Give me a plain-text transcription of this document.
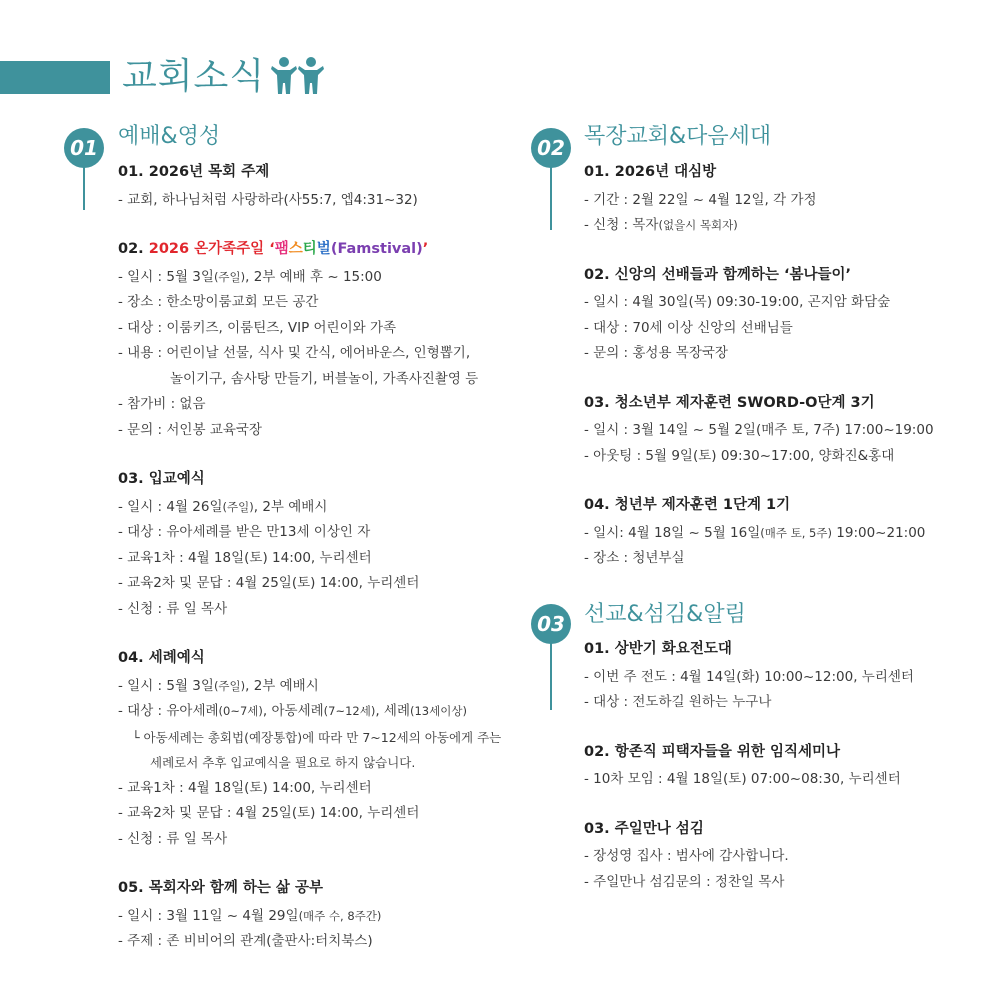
교회소식
01 예배&영성
01. 2026년 목회 주제
- 교회, 하나님처럼 사랑하라(사55:7, 엡4:31~32)
02. 2026 온가족주일 ‘팸스티벌(Famstival)’
- 일시 : 5월 3일(주일), 2부 예배 후 ~ 15:00
- 장소 : 한소망이룸교회 모든 공간
- 대상 : 이룸키즈, 이룸틴즈, VIP 어린이와 가족
- 내용 : 어린이날 선물, 식사 및 간식, 에어바운스, 인형뽑기,
놀이기구, 솜사탕 만들기, 버블놀이, 가족사진촬영 등
- 참가비 : 없음
- 문의 : 서인봉 교육국장
03. 입교예식
- 일시 : 4월 26일(주일), 2부 예배시
- 대상 : 유아세례를 받은 만13세 이상인 자
- 교육1차 : 4월 18일(토) 14:00, 누리센터
- 교육2차 및 문답 : 4월 25일(토) 14:00, 누리센터
- 신청 : 류 일 목사
04. 세례예식
- 일시 : 5월 3일(주일), 2부 예배시
- 대상 : 유아세례(0~7세), 아동세례(7~12세), 세례(13세이상)
└ 아동세례는 총회법(예장통합)에 따라 만 7~12세의 아동에게 주는
세례로서 추후 입교예식을 필요로 하지 않습니다.
- 교육1차 : 4월 18일(토) 14:00, 누리센터
- 교육2차 및 문답 : 4월 25일(토) 14:00, 누리센터
- 신청 : 류 일 목사
05. 목회자와 함께 하는 삶 공부
- 일시 : 3월 11일 ~ 4월 29일(매주 수, 8주간)
- 주제 : 존 비비어의 관계(출판사:터치북스)
02 목장교회&다음세대
01. 2026년 대심방
- 기간 : 2월 22일 ~ 4월 12일, 각 가정
- 신청 : 목자(없을시 목회자)
02. 신앙의 선배들과 함께하는 ‘봄나들이’
- 일시 : 4월 30일(목) 09:30-19:00, 곤지암 화담숲
- 대상 : 70세 이상 신앙의 선배님들
- 문의 : 홍성용 목장국장
03. 청소년부 제자훈련 SWORD-O단계 3기
- 일시 : 3월 14일 ~ 5월 2일(매주 토, 7주) 17:00~19:00
- 아웃팅 : 5월 9일(토) 09:30~17:00, 양화진&홍대
04. 청년부 제자훈련 1단계 1기
- 일시: 4월 18일 ~ 5월 16일(매주 토, 5주) 19:00~21:00
- 장소 : 청년부실
03 선교&섬김&알림
01. 상반기 화요전도대
- 이번 주 전도 : 4월 14일(화) 10:00~12:00, 누리센터
- 대상 : 전도하길 원하는 누구나
02. 항존직 피택자들을 위한 임직세미나
- 10차 모임 : 4월 18일(토) 07:00~08:30, 누리센터
03. 주일만나 섬김
- 장성영 집사 : 범사에 감사합니다.
- 주일만나 섬김문의 : 정찬일 목사
